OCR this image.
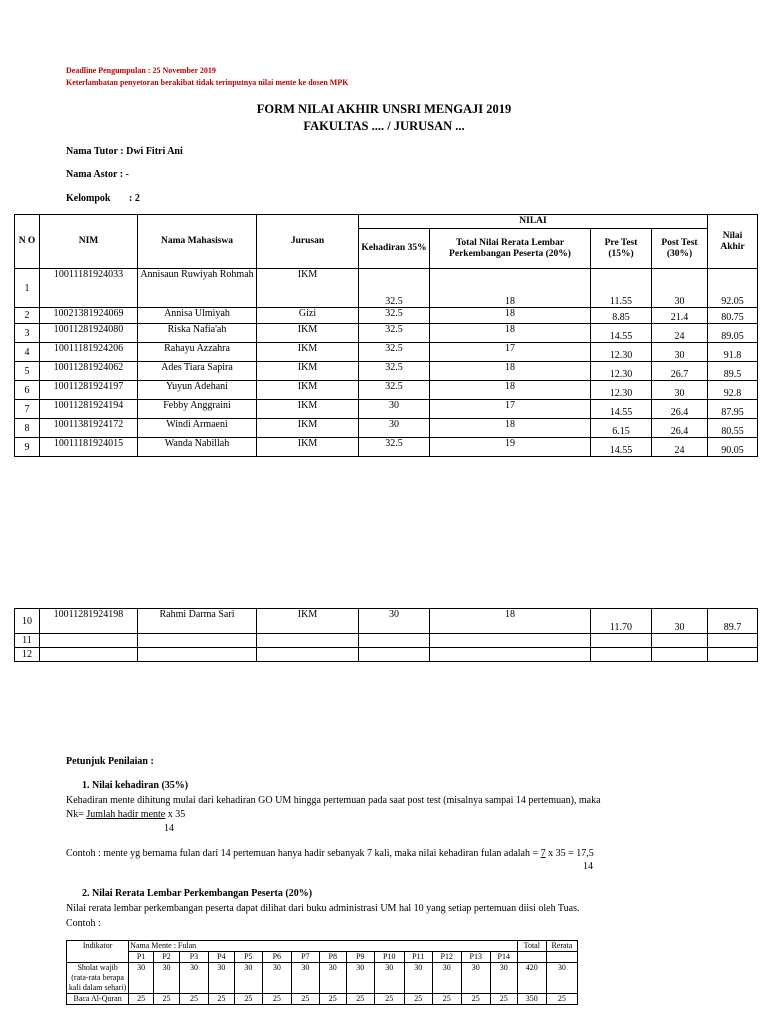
Deadline Pengumpulan : 25 November 2019
Keterlambatan penyetoran berakibat tidak terinputnya nilai mente ke dosen MPK
FORM NILAI AKHIR UNSRI MENGAJI 2019
FAKULTAS .... / JURUSAN ...
Nama Tutor : Dwi Fitri Ani
Nama Astor : -
Kelompok : 2
N O	NIM	Nama Mahasiswa	Jurusan	NILAI				Nilai Akhir
				Kehadiran 35%	Total Nilai Rerata Lembar Perkembangan Peserta (20%)	Pre Test (15%)	Post Test (30%)	
1	10011181924033	Annisaun Ruwiyah Rohmah	IKM	32.5	18	11.55	30	92.05
2	10021381924069	Annisa Ulmiyah	Gizi	32.5	18	8.85	21.4	80.75
3	10011281924080	Riska Nafia'ah	IKM	32.5	18	14.55	24	89.05
4	10011181924206	Rahayu Azzahra	IKM	32.5	17	12.30	30	91.8
5	10011281924062	Ades Tiara Sapira	IKM	32.5	18	12.30	26.7	89.5
6	10011281924197	Yuyun Adehani	IKM	32.5	18	12.30	30	92.8
7	10011281924194	Febby Anggraini	IKM	30	17	14.55	26.4	87.95
8	10011381924172	Windi Armaeni	IKM	30	18	6.15	26.4	80.55
9	10011181924015	Wanda Nabillah	IKM	32.5	19	14.55	24	90.05
10	10011281924198	Rahmi Darma Sari	IKM	30	18	11.70	30	89.7
11								
12								
Petunjuk Penilaian :
1. Nilai kehadiran (35%)
Kehadiran mente dihitung mulai dari kehadiran GO UM hingga pertemuan pada saat post test (misalnya sampai 14 pertemuan), maka
Nk= Jumlah hadir mente x 35
14
Contoh : mente yg bernama fulan dari 14 pertemuan hanya hadir sebanyak 7 kali, maka nilai kehadiran fulan adalah = 7 x 35 = 17,5
14
2. Nilai Rerata Lembar Perkembangan Peserta (20%)
Nilai rerata lembar perkembangan peserta dapat dilihat dari buku administrasi UM hal 10 yang setiap pertemuan diisi oleh Tuas.
Contoh :
Indikator	Nama Mente : Fulan														Total	Rerata
	P1	P2	P3	P4	P5	P6	P7	P8	P9	P10	P11	P12	P13	P14		
Sholat wajib (rata-rata berapa kali dalam sehari)	30	30	30	30	30	30	30	30	30	30	30	30	30	30	420	30
Baca Al-Quran	25	25	25	25	25	25	25	25	25	25	25	25	25	25	350	25
